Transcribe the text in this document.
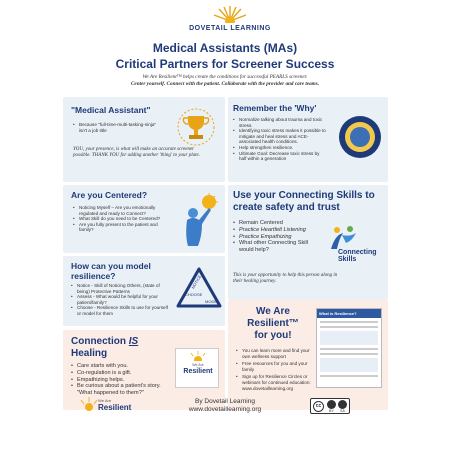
DOVETAIL LEARNING
Medical Assistants (MAs)
Critical Partners for Screener Success
We Are Resilient™ helps create the conditions for successful PEARLS screener.
Center yourself. Connect with the patient. Collaborate with the provider and care teams.
"Medical Assistant"
• Because "full-time-multi-tasking-ninja" isn't a job title
YOU, your presence, is what will make an accurate screener possible. THANK YOU for adding another 'thing' to your plate.
Remember the 'Why'
• Normalize talking about trauma and toxic stress.
• Identifying toxic stress makes it possible to mitigate and heal stress and ACE-associated health conditions.
• Help strengthen resilience.
• Ultimate Goal: Decrease toxic stress by half within a generation
Are you Centered?
• Noticing Myself – Are you emotionally regulated and ready to Connect?
• What Skill do you need to be Centered?
• Are you fully present to the patient and family?
Use your Connecting Skills to create safety and trust
• Remain Centered
• Practice Heartfelt Listening
• Practice Empathizing
• What other Connecting Skill would help?
This is your opportunity to help this person along in their healing journey.
Connecting Skills
How can you model resilience?
• Notice - Skill of Noticing Others, (state of being) Protective Patterns
• Assess - What would be helpful for your patient/family?
• Choose - Resilience Skills to use for yourself or model for them
NOTICE
CHOOSE
MODEL
We Are
Resilient™
for you!
• You can learn more and find your own wellness support
• Free resources for you and your family
• Sign up for Resilience Circles or webinars for continued education: www.dovetaillearning.org
What is Resilience?
Connection IS
Healing
• Care starts with you.
• Co-regulation is a gift.
• Empathizing helps.
• Be curious about a patient's story. "What happened to them?"
We Are
Resilient
We Are
Resilient
By Dovetail Learning
www.dovetaillearning.org	cc
BY	SA
